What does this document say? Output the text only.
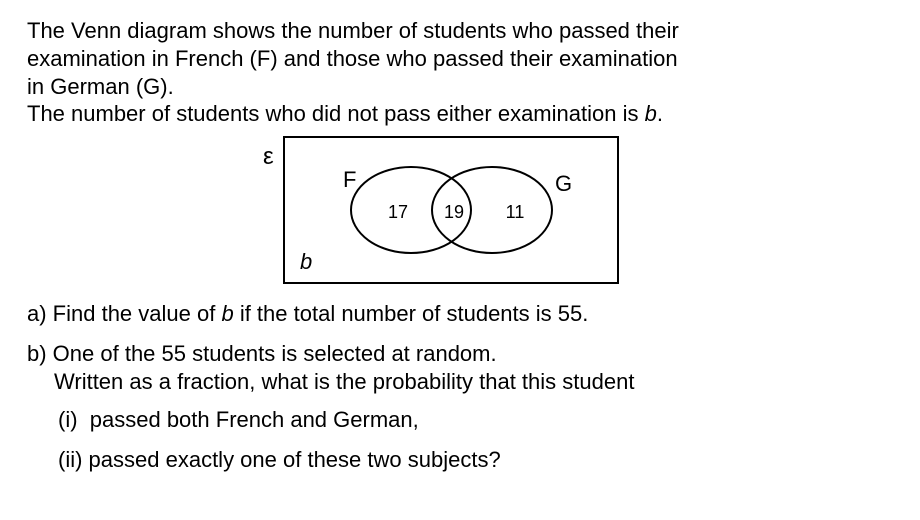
The Venn diagram shows the number of students who passed their
examination in French (F) and those who passed their examination
in German (G).
The number of students who did not pass either examination is b.
ε
F	G
17 19 11
b
a) Find the value of b if the total number of students is 55.
b) One of the 55 students is selected at random.
Written as a fraction, what is the probability that this student
(i)  passed both French and German,
(ii) passed exactly one of these two subjects?
